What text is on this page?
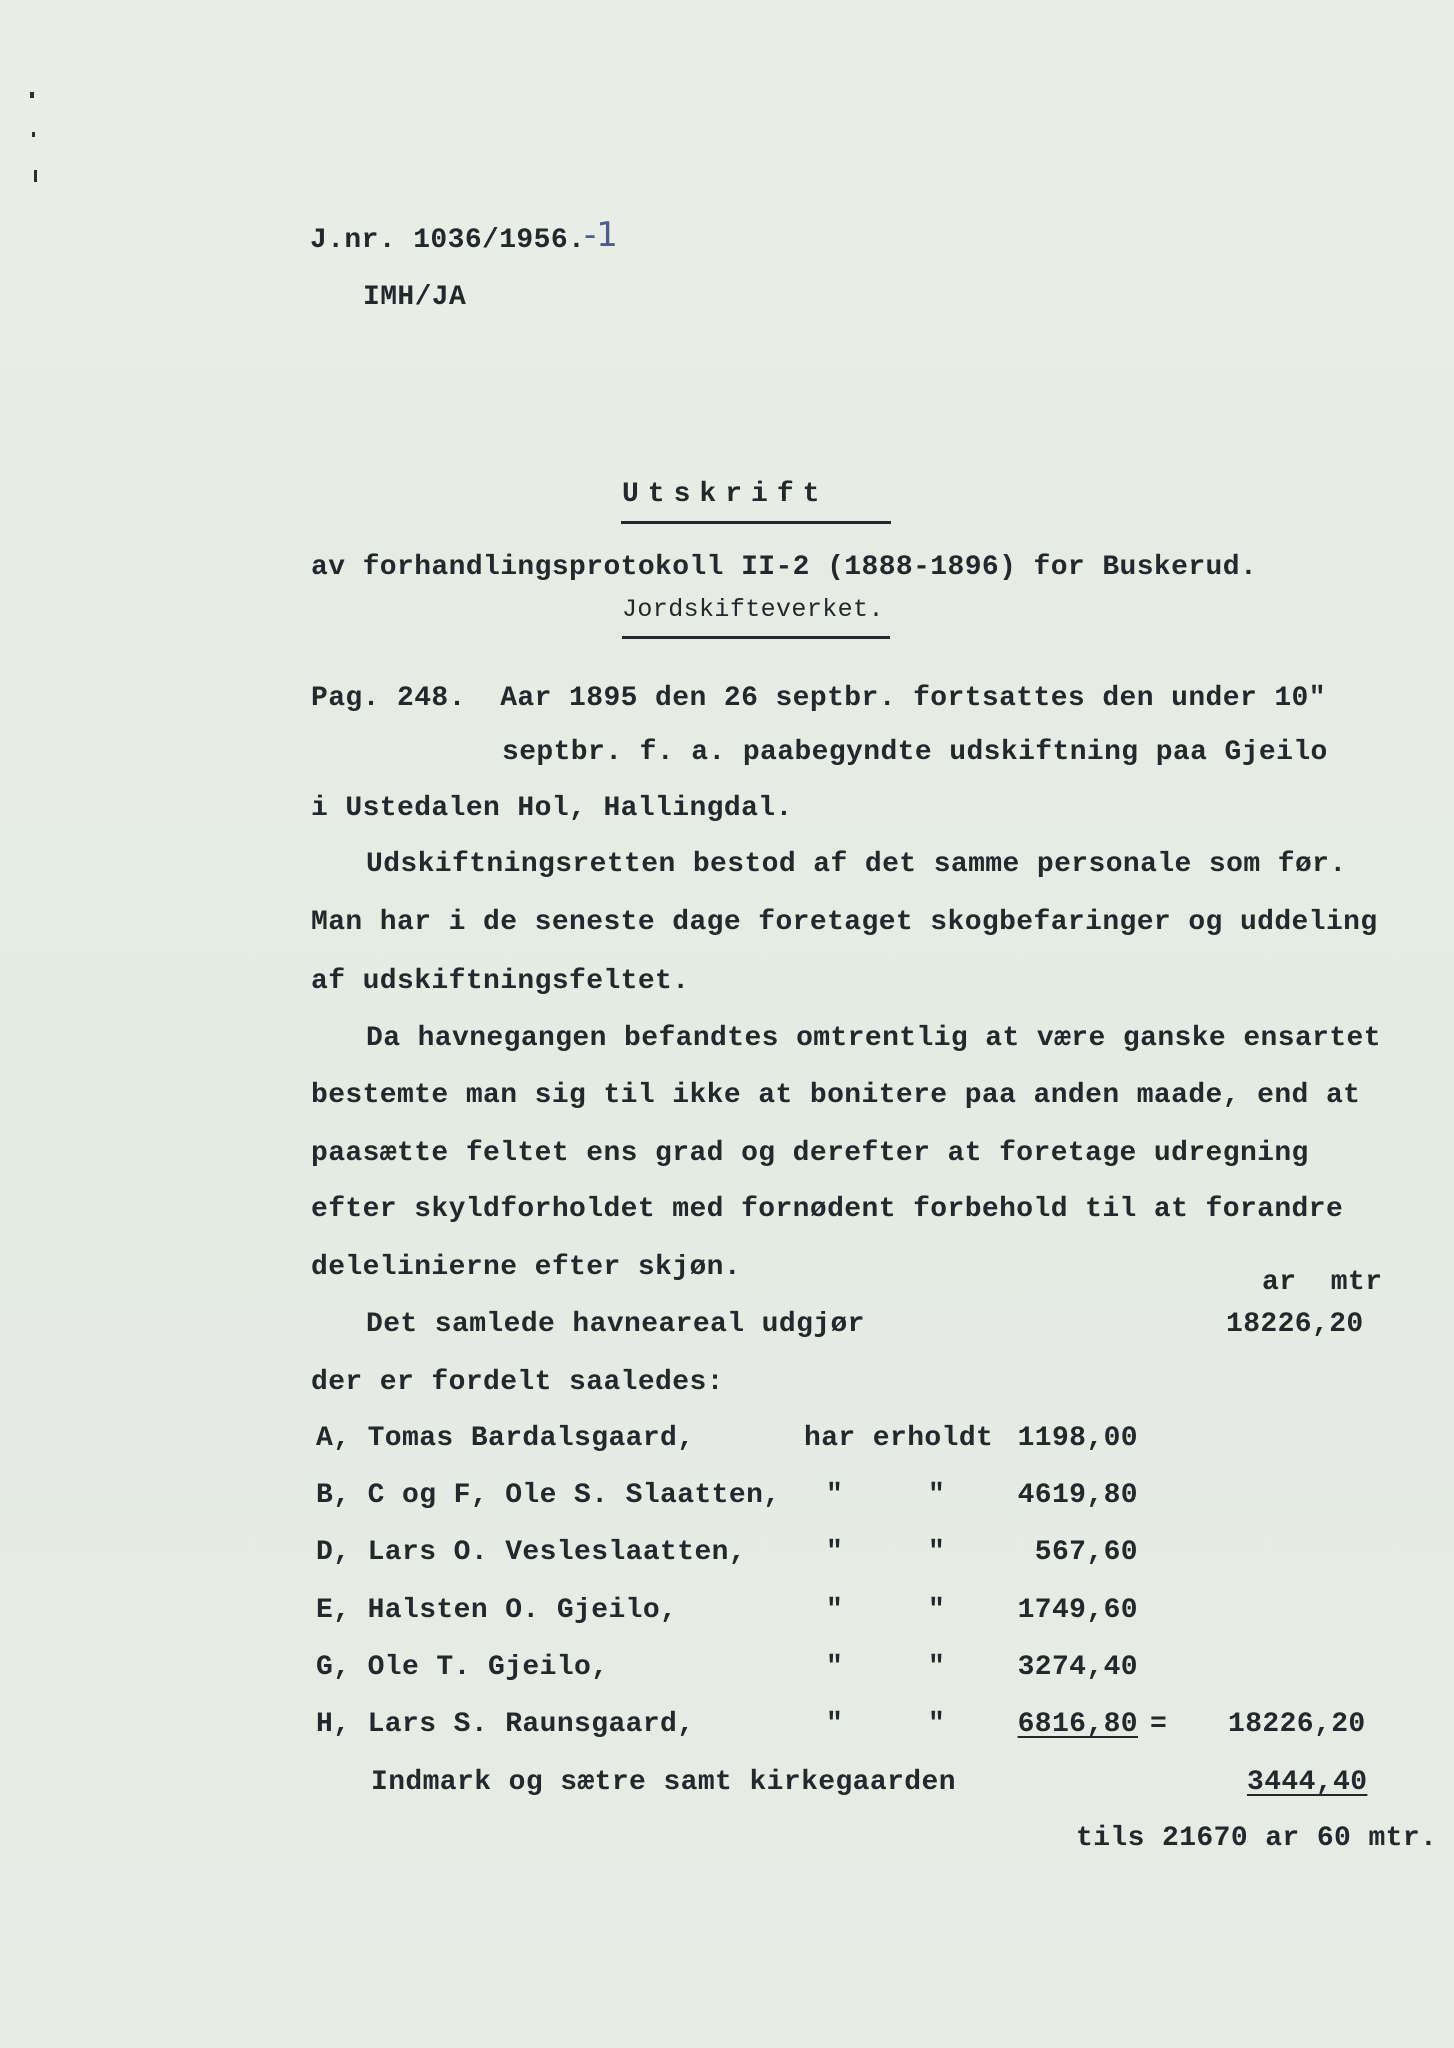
J.nr. 1036/1956.
-1
IMH/JA
Utskrift
av forhandlingsprotokoll II-2 (1888-1896) for Buskerud.
Jordskifteverket.
Pag. 248.  Aar 1895 den 26 septbr. fortsattes den under 10"
septbr. f. a. paabegyndte udskiftning paa Gjeilo
i Ustedalen Hol, Hallingdal.
Udskiftningsretten bestod af det samme personale som før.
Man har i de seneste dage foretaget skogbefaringer og uddeling
af udskiftningsfeltet.
Da havnegangen befandtes omtrentlig at være ganske ensartet
bestemte man sig til ikke at bonitere paa anden maade, end at
paasætte feltet ens grad og derefter at foretage udregning
efter skyldforholdet med fornødent forbehold til at forandre
delelinierne efter skjøn.	ar  mtr
Det samlede havneareal udgjør	18226,20
der er fordelt saaledes:
A, Tomas Bardalsgaard,	har erholdt 1198,00
B, C og F, Ole S. Slaatten, "	"	4619,80
D, Lars O. Vesleslaatten,	"	"	567,60
E, Halsten O. Gjeilo,	"	"	1749,60
G, Ole T. Gjeilo,	"	"	3274,40
H, Lars S. Raunsgaard,	"	"	6816,80 = 18226,20
Indmark og sætre samt kirkegaarden	3444,40
tils 21670 ar 60 mtr.
